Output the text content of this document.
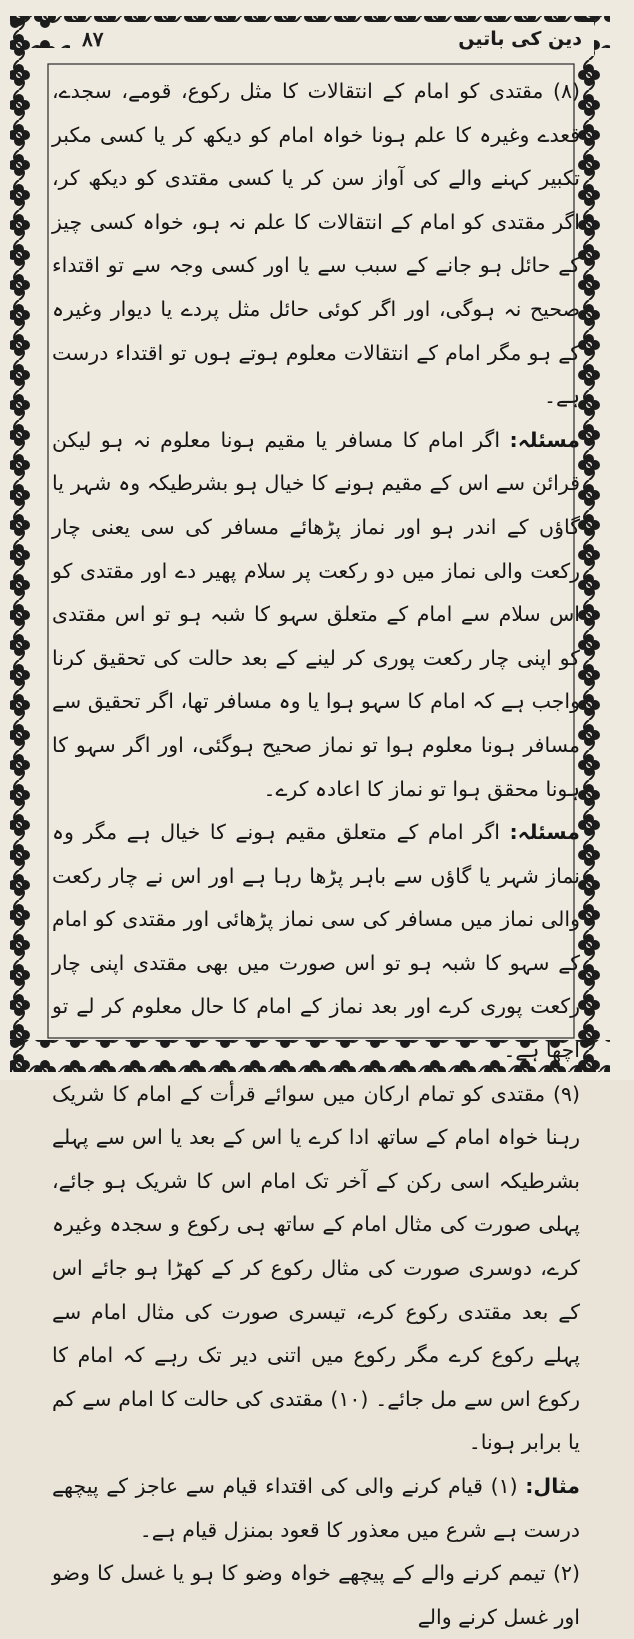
۸۷	دین کی باتیں

(۸) مقتدی کو امام کے انتقالات کا مثل رکوع، قومے، سجدے، قعدے وغیرہ کا علم ہونا خواہ امام کو دیکھ کر یا کسی مکبر تکبیر کہنے والے کی آواز سن کر یا کسی مقتدی کو دیکھ کر، اگر مقتدی کو امام کے انتقالات کا علم نہ ہو، خواہ کسی چیز کے حائل ہو جانے کے سبب سے یا اور کسی وجہ سے تو اقتداء صحیح نہ ہوگی، اور اگر کوئی حائل مثل پردے یا دیوار وغیرہ کے ہو مگر امام کے انتقالات معلوم ہوتے ہوں تو اقتداء درست ہے۔

مسئلہ: اگر امام کا مسافر یا مقیم ہونا معلوم نہ ہو لیکن قرائن سے اس کے مقیم ہونے کا خیال ہو بشرطیکہ وہ شہر یا گاؤں کے اندر ہو اور نماز پڑھائے مسافر کی سی یعنی چار رکعت والی نماز میں دو رکعت پر سلام پھیر دے اور مقتدی کو اس سلام سے امام کے متعلق سہو کا شبہ ہو تو اس مقتدی کو اپنی چار رکعت پوری کر لینے کے بعد حالت کی تحقیق کرنا واجب ہے کہ امام کا سہو ہوا یا وہ مسافر تھا، اگر تحقیق سے مسافر ہونا معلوم ہوا تو نماز صحیح ہوگئی، اور اگر سہو کا ہونا محقق ہوا تو نماز کا اعادہ کرے۔

مسئلہ: اگر امام کے متعلق مقیم ہونے کا خیال ہے مگر وہ نماز شہر یا گاؤں سے باہر پڑھا رہا ہے اور اس نے چار رکعت والی نماز میں مسافر کی سی نماز پڑھائی اور مقتدی کو امام کے سہو کا شبہ ہو تو اس صورت میں بھی مقتدی اپنی چار رکعت پوری کرے اور بعد نماز کے امام کا حال معلوم کر لے تو اچھا ہے۔

(۹) مقتدی کو تمام ارکان میں سوائے قرأت کے امام کا شریک رہنا خواہ امام کے ساتھ ادا کرے یا اس کے بعد یا اس سے پہلے بشرطیکہ اسی رکن کے آخر تک امام اس کا شریک ہو جائے، پہلی صورت کی مثال امام کے ساتھ ہی رکوع و سجدہ وغیرہ کرے، دوسری صورت کی مثال رکوع کر کے کھڑا ہو جائے اس کے بعد مقتدی رکوع کرے، تیسری صورت کی مثال امام سے پہلے رکوع کرے مگر رکوع میں اتنی دیر تک رہے کہ امام کا رکوع اس سے مل جائے۔ (۱۰) مقتدی کی حالت کا امام سے کم یا برابر ہونا۔

مثال: (۱) قیام کرنے والی کی اقتداء قیام سے عاجز کے پیچھے درست ہے شرع میں معذور کا قعود بمنزل قیام ہے۔

(۲) تیمم کرنے والے کے پیچھے خواہ وضو کا ہو یا غسل کا وضو اور غسل کرنے والے
